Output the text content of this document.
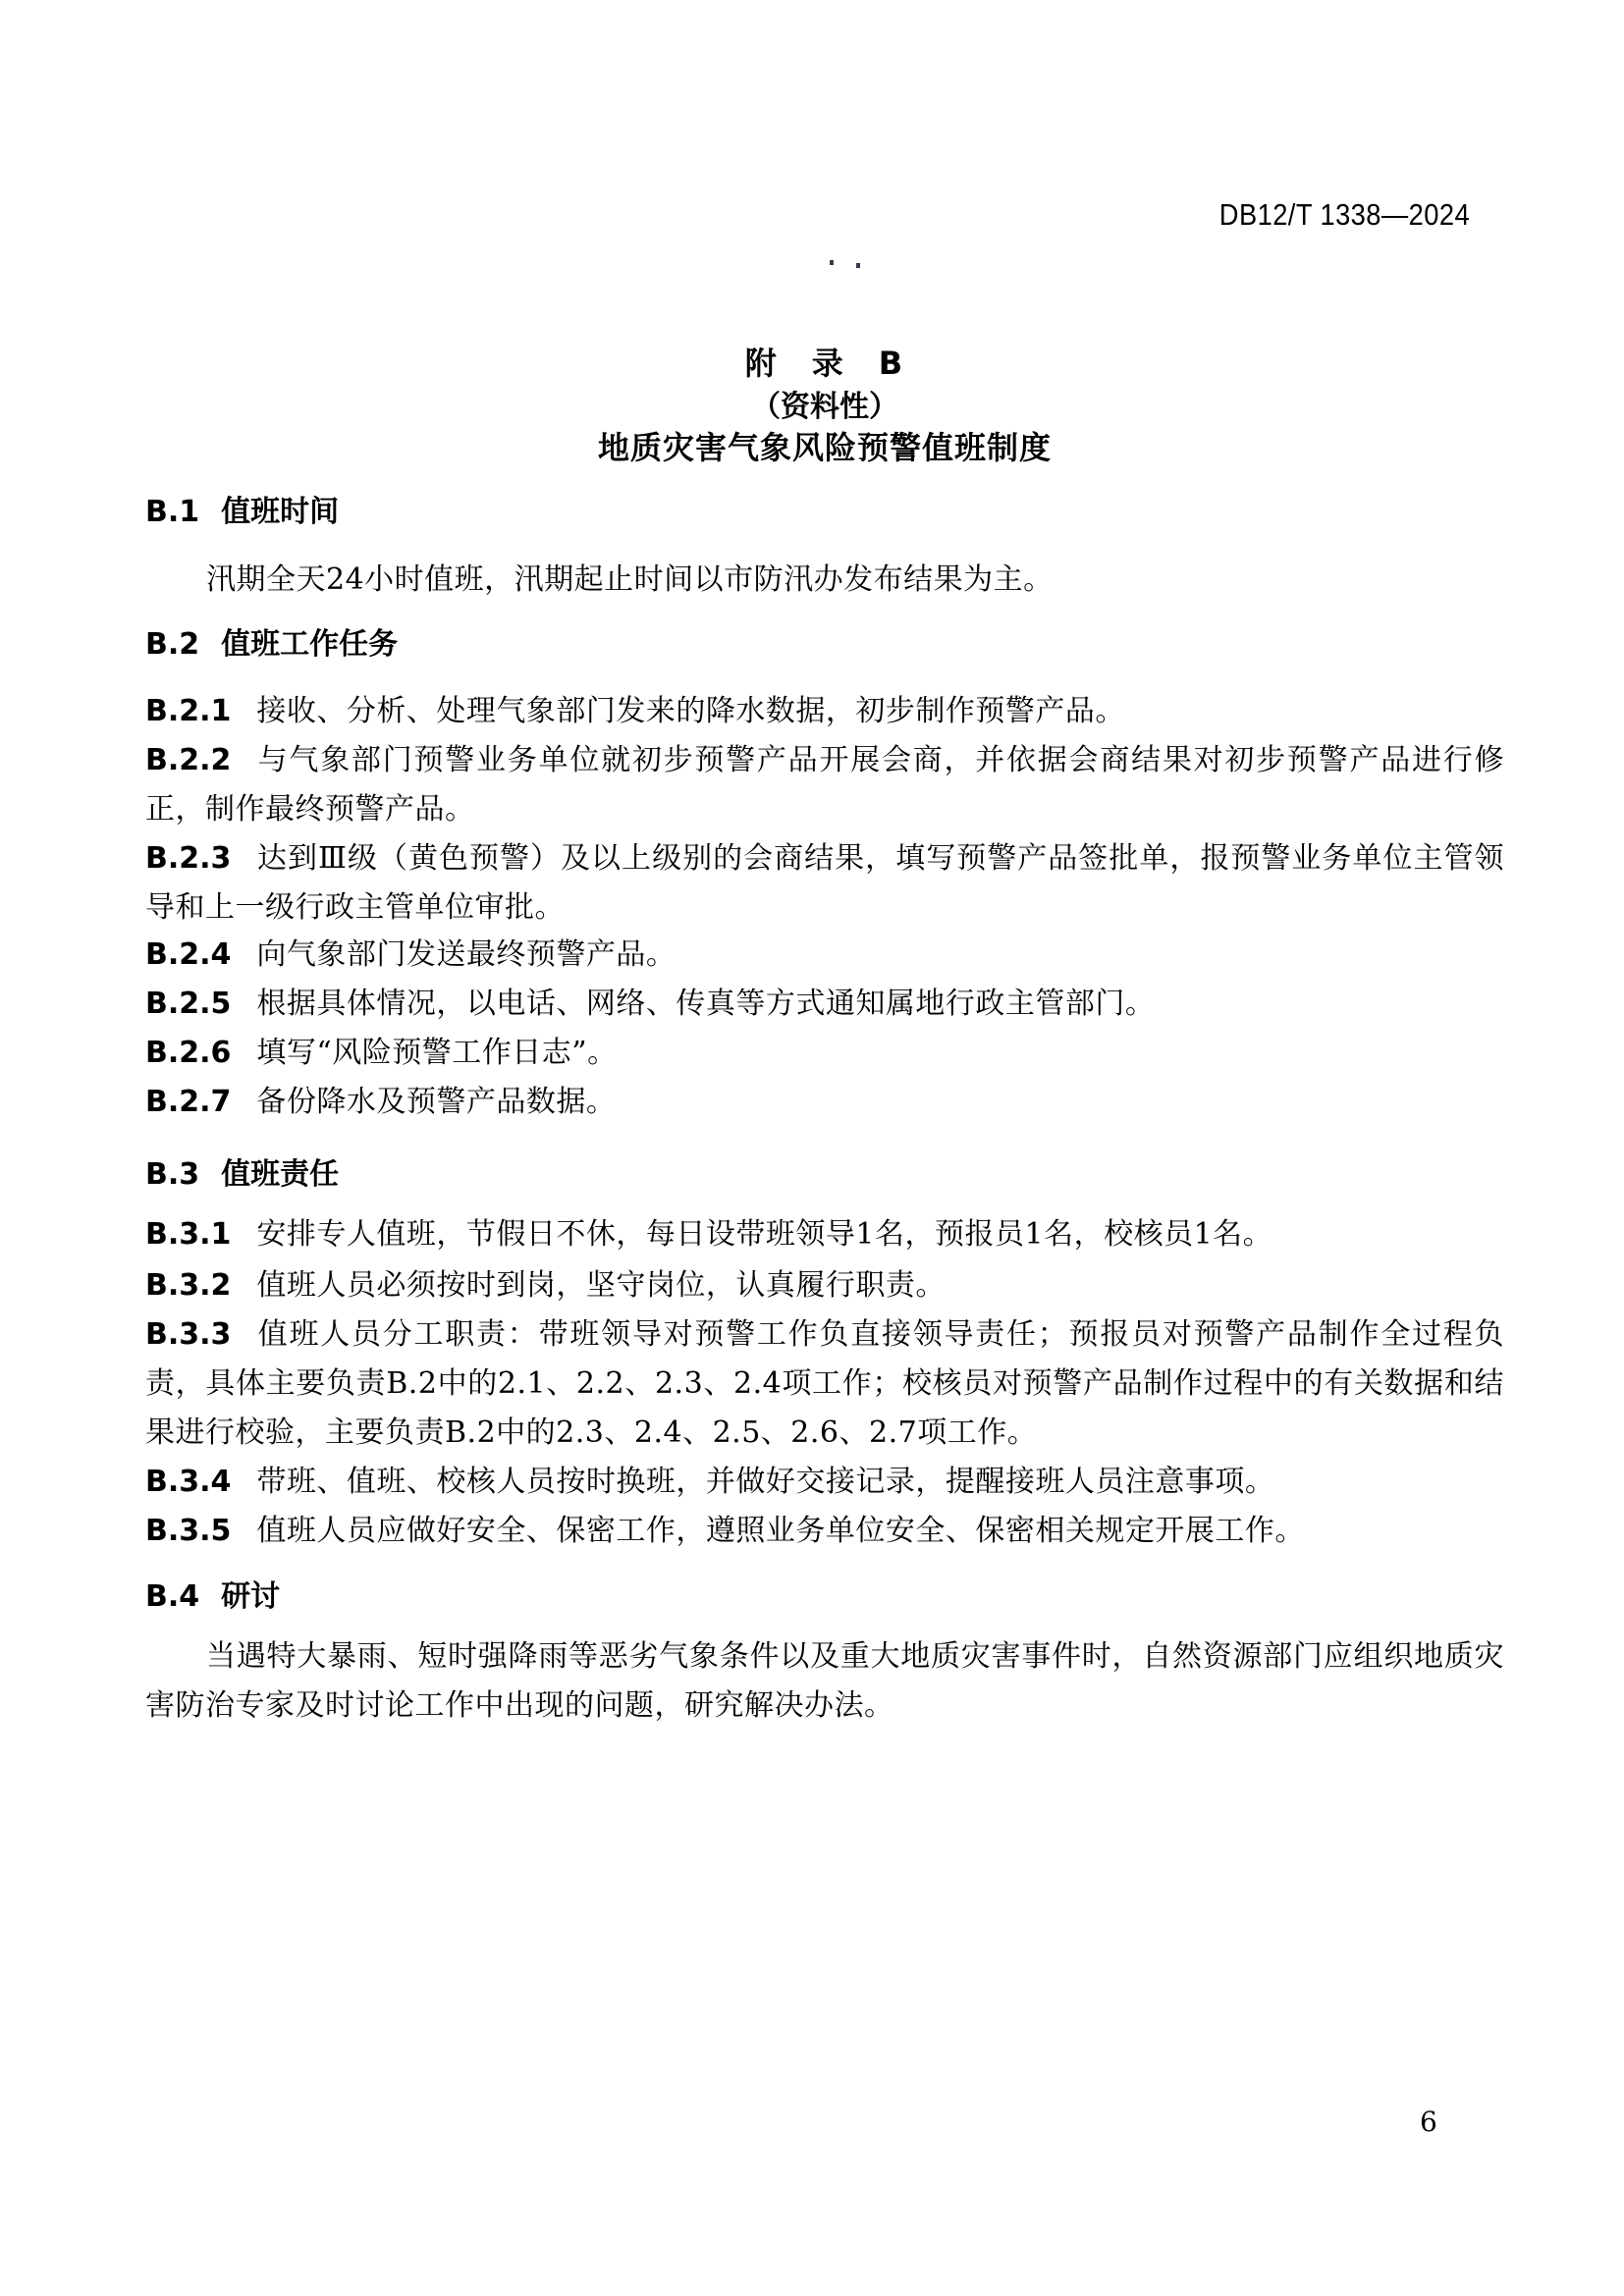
DB12/T 1338—2024
附　录　B
（资料性）
地质灾害气象风险预警值班制度
B.1 值班时间
汛期全天24小时值班，汛期起止时间以市防汛办发布结果为主。
B.2 值班工作任务
B.2.1 接收、分析、处理气象部门发来的降水数据，初步制作预警产品。
B.2.2 与气象部门预警业务单位就初步预警产品开展会商，并依据会商结果对初步预警产品进行修正，制作最终预警产品。
B.2.3 达到Ⅲ级（黄色预警）及以上级别的会商结果，填写预警产品签批单，报预警业务单位主管领导和上一级行政主管单位审批。
B.2.4 向气象部门发送最终预警产品。
B.2.5 根据具体情况，以电话、网络、传真等方式通知属地行政主管部门。
B.2.6 填写“风险预警工作日志”。
B.2.7 备份降水及预警产品数据。
B.3 值班责任
B.3.1 安排专人值班，节假日不休，每日设带班领导1名，预报员1名，校核员1名。
B.3.2 值班人员必须按时到岗，坚守岗位，认真履行职责。
B.3.3 值班人员分工职责：带班领导对预警工作负直接领导责任；预报员对预警产品制作全过程负责，具体主要负责B.2中的2.1、2.2、2.3、2.4项工作；校核员对预警产品制作过程中的有关数据和结果进行校验，主要负责B.2中的2.3、2.4、2.5、2.6、2.7项工作。
B.3.4 带班、值班、校核人员按时换班，并做好交接记录，提醒接班人员注意事项。
B.3.5 值班人员应做好安全、保密工作，遵照业务单位安全、保密相关规定开展工作。
B.4 研讨
当遇特大暴雨、短时强降雨等恶劣气象条件以及重大地质灾害事件时，自然资源部门应组织地质灾害防治专家及时讨论工作中出现的问题，研究解决办法。
6
